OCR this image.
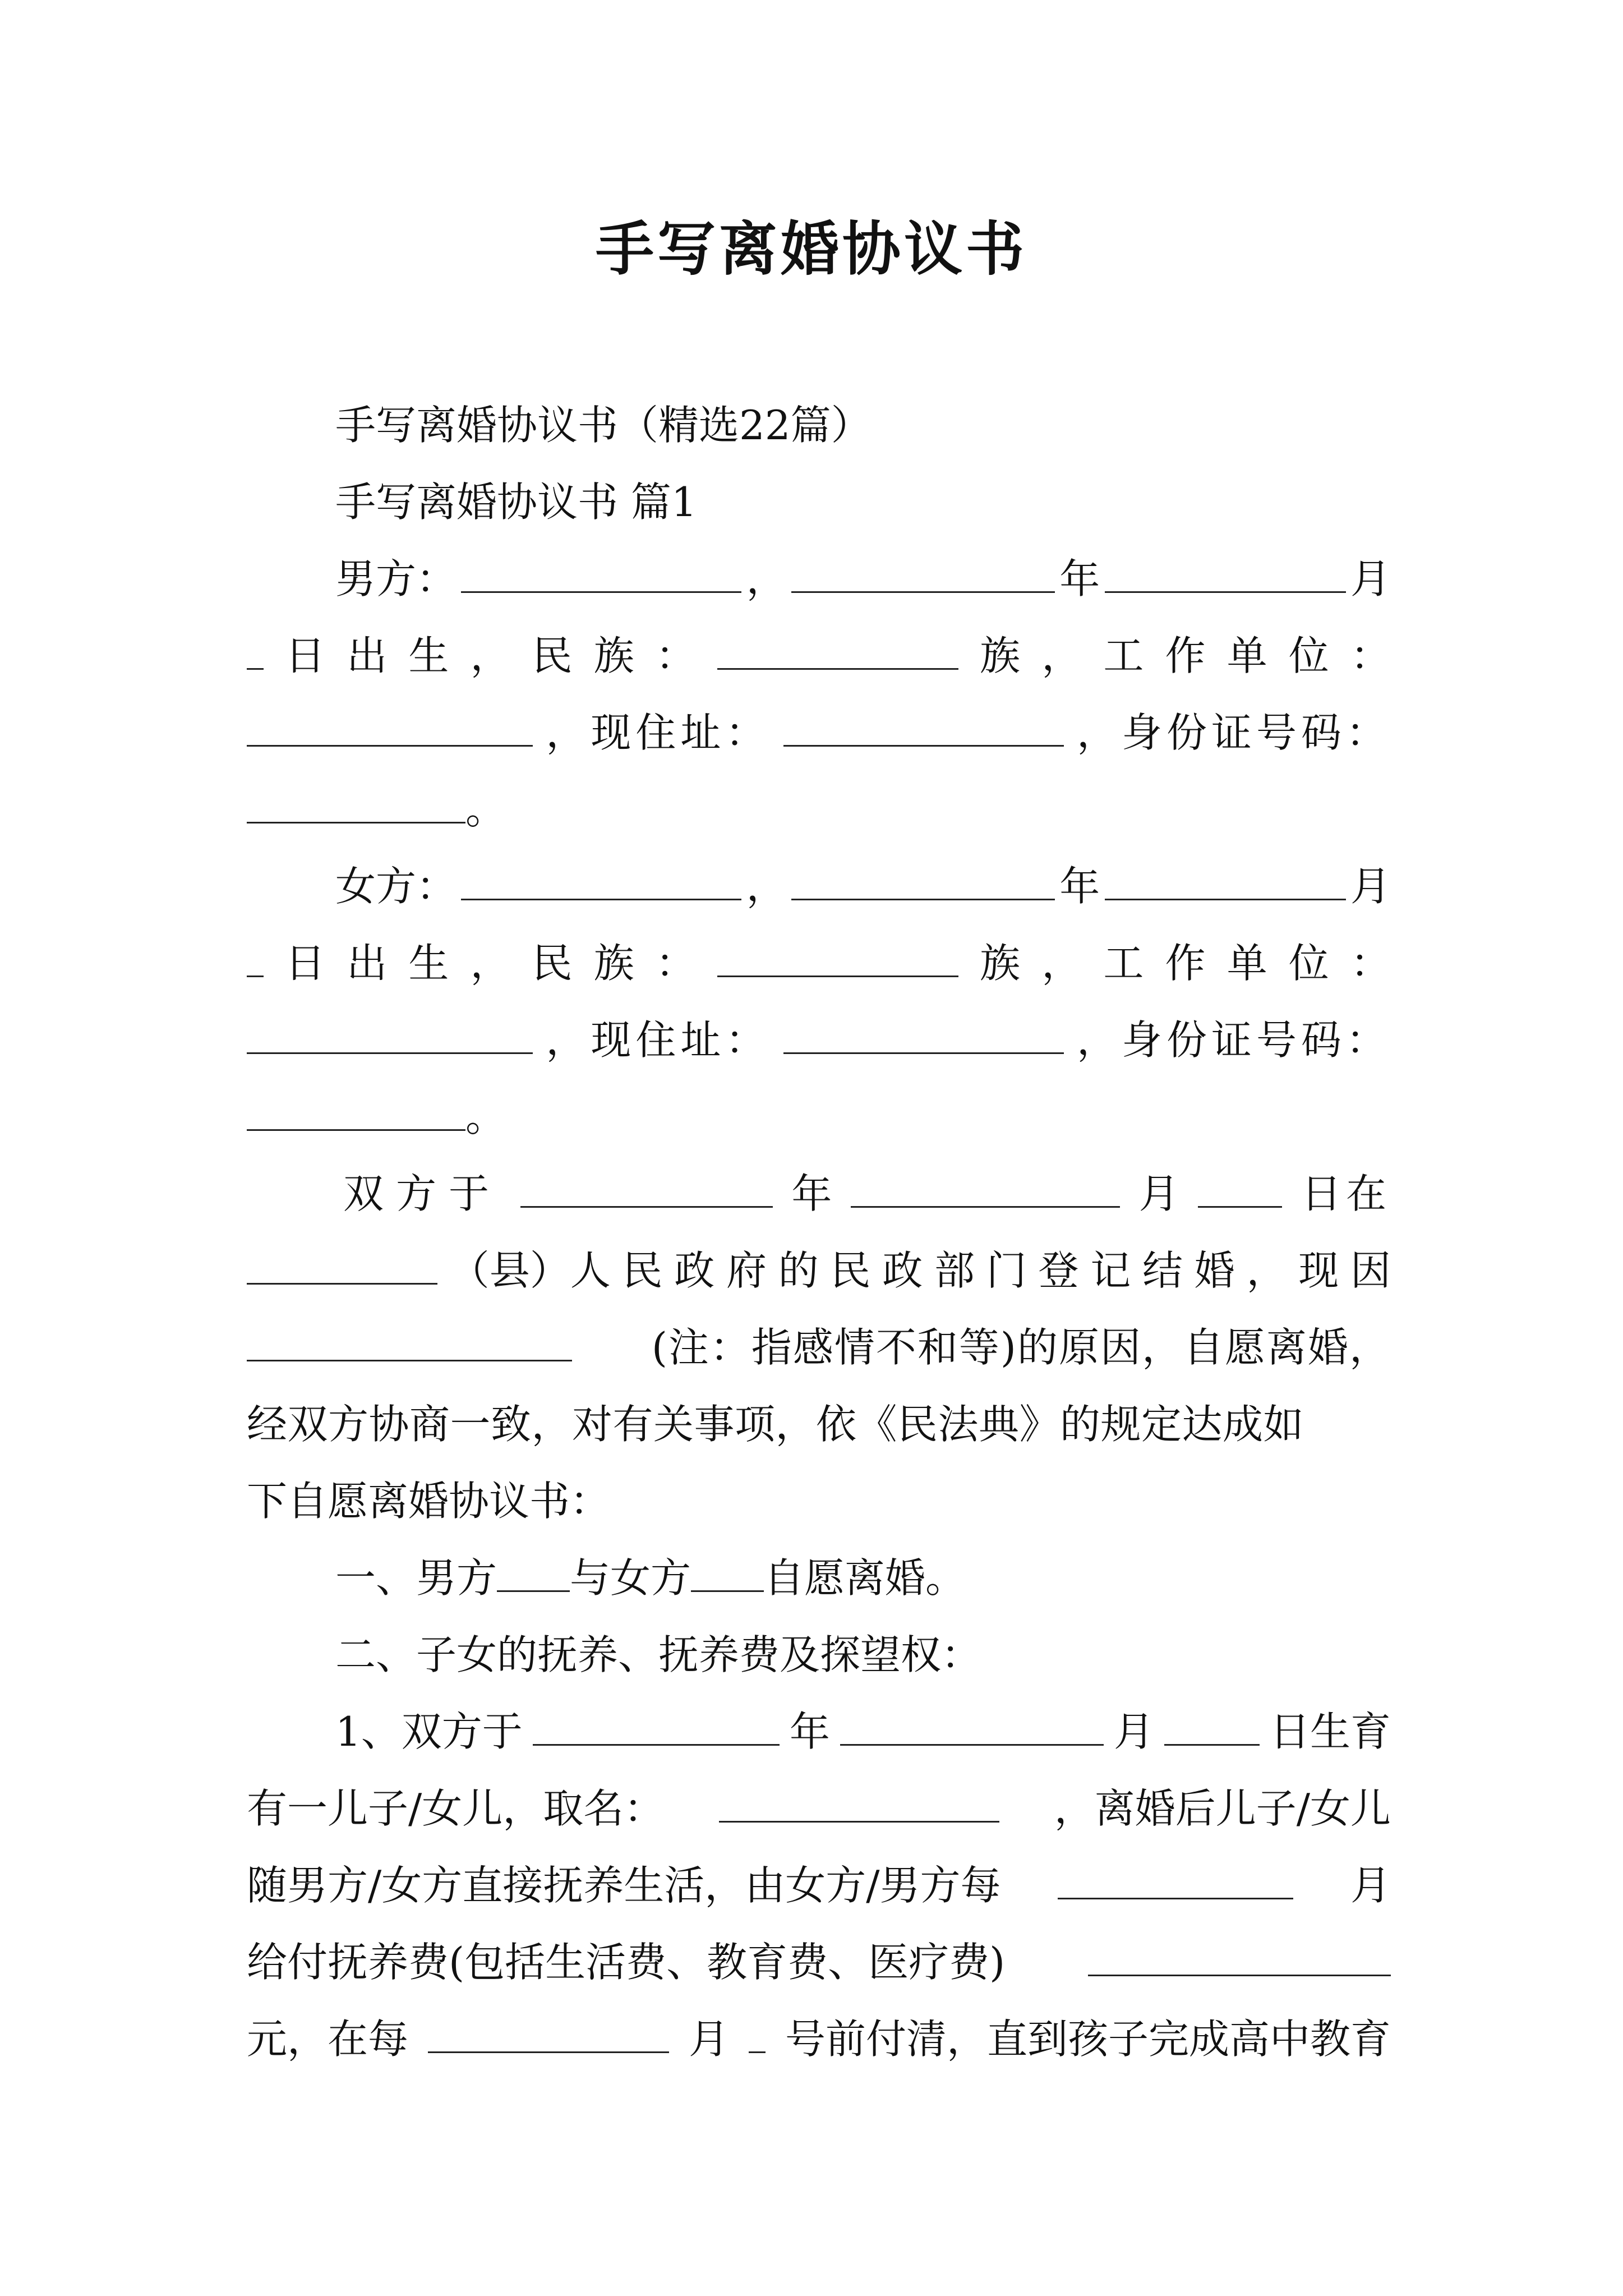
手写离婚协议书
手写离婚协议书（精选22篇）
手写离婚协议书 篇1
男方：	，	年	月
日 出 生 ， 民 族 ：	族 ， 工 作 单 位 ：
，现住址：	，身份证号码：
。
女方：	，	年	月
日 出 生 ， 民 族 ：	族 ， 工 作 单 位 ：
，现住址：	，身份证号码：
。
双方于	年	月	日在
（县）人 民 政 府 的 民 政 部 门 登 记 结 婚 ， 现 因
(注：指感情不和等)的原因，自愿离婚，
经双方协商一致，对有关事项，依《民法典》的规定达成如
下自愿离婚协议书：
一、男方 与女方 自愿离婚。
二、子女的抚养、抚养费及探望权：
1、双方于	年	月	日生育
有一儿子/女儿，取名：	，离婚后儿子/女儿
随男方/女方直接抚养生活，由女方/男方每	月
给付抚养费(包括生活费、教育费、医疗费)
元，在每	月 号前付清，直到孩子完成高中教育
